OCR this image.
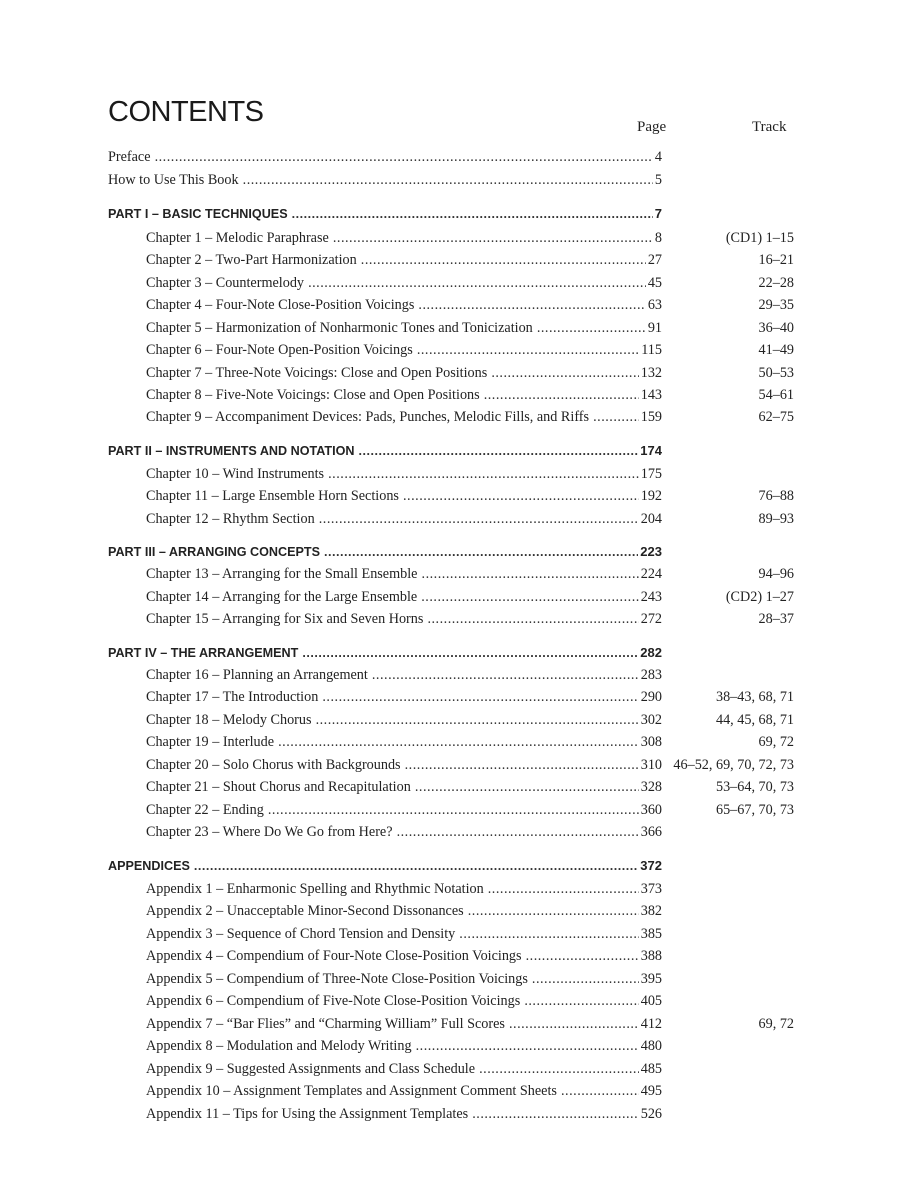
CONTENTS	Page	Track
Preface .....	4
How to Use This Book .....	5
PART I – BASIC TECHNIQUES .....	7
Chapter 1 – Melodic Paraphrase .....	8	(CD1) 1–15
Chapter 2 – Two-Part Harmonization .....	27	16–21
Chapter 3 – Countermelody .....	45	22–28
Chapter 4 – Four-Note Close-Position Voicings .....	63	29–35
Chapter 5 – Harmonization of Nonharmonic Tones and Tonicization .....	91	36–40
Chapter 6 – Four-Note Open-Position Voicings .....	115	41–49
Chapter 7 – Three-Note Voicings: Close and Open Positions .....	132	50–53
Chapter 8 – Five-Note Voicings: Close and Open Positions .....	143	54–61
Chapter 9 – Accompaniment Devices: Pads, Punches, Melodic Fills, and Riffs .....	159	62–75
PART II – INSTRUMENTS AND NOTATION .....	174
Chapter 10 – Wind Instruments .....	175
Chapter 11 – Large Ensemble Horn Sections .....	192	76–88
Chapter 12 – Rhythm Section .....	204	89–93
PART III – ARRANGING CONCEPTS .....	223
Chapter 13 – Arranging for the Small Ensemble .....	224	94–96
Chapter 14 – Arranging for the Large Ensemble .....	243	(CD2) 1–27
Chapter 15 – Arranging for Six and Seven Horns .....	272	28–37
PART IV – THE ARRANGEMENT .....	282
Chapter 16 – Planning an Arrangement .....	283
Chapter 17 – The Introduction .....	290	38–43, 68, 71
Chapter 18 – Melody Chorus .....	302	44, 45, 68, 71
Chapter 19 – Interlude .....	308	69, 72
Chapter 20 – Solo Chorus with Backgrounds .....	310 46–52, 69, 70, 72, 73
Chapter 21 – Shout Chorus and Recapitulation .....	328	53–64, 70, 73
Chapter 22 – Ending .....	360	65–67, 70, 73
Chapter 23 – Where Do We Go from Here? .....	366
APPENDICES .....	372
Appendix 1 – Enharmonic Spelling and Rhythmic Notation .....	373
Appendix 2 – Unacceptable Minor-Second Dissonances .....	382
Appendix 3 – Sequence of Chord Tension and Density .....	385
Appendix 4 – Compendium of Four-Note Close-Position Voicings .....	388
Appendix 5 – Compendium of Three-Note Close-Position Voicings .....	395
Appendix 6 – Compendium of Five-Note Close-Position Voicings .....	405
Appendix 7 – “Bar Flies” and “Charming William” Full Scores .....	412	69, 72
Appendix 8 – Modulation and Melody Writing .....	480
Appendix 9 – Suggested Assignments and Class Schedule .....	485
Appendix 10 – Assignment Templates and Assignment Comment Sheets .....	495
Appendix 11 – Tips for Using the Assignment Templates .....	526
